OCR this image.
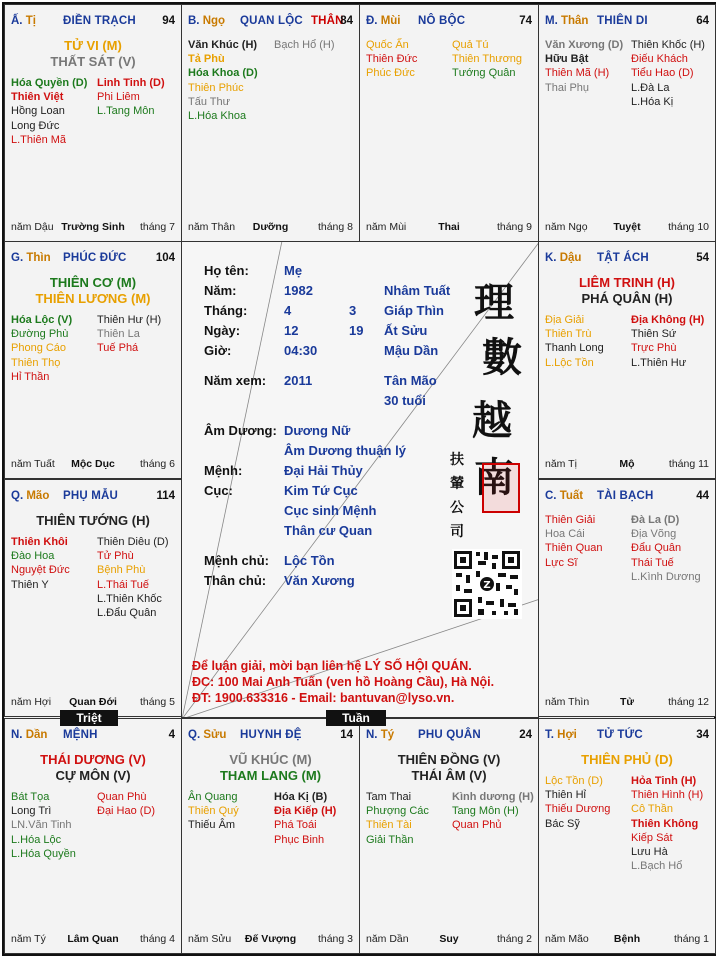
Họ tên:	Mẹ
Năm:	1982	Nhâm Tuất
Tháng:	4	3 Giáp Thìn
Ngày:	12	19 Ất Sửu
Giờ:	04:30	Mậu Dần
Năm xem: 2011	Tân Mão
30 tuổi
Âm Dương: Dương Nữ
Âm Dương thuận lý
Mệnh:	Đại Hải Thủy
Cục:	Kim Tứ Cục
Cục sinh Mệnh
Thân cư Quan
Mệnh chủ: Lộc Tồn
Thân chủ: Văn Xương
理
數
越
南
扶
輦
公
司
Z
Để luận giải, mời bạn liên hệ LÝ SỐ HỘI QUÁN.
ĐC: 100 Mai Anh Tuấn (ven hồ Hoàng Cầu), Hà Nội.
ĐT: 1900.633316 - Email: bantuvan@lyso.vn.
Ấ. Tị ĐIỀN TRẠCH	94
TỬ VI (M)
THẤT SÁT (V)
Hóa Quyền (D)
Thiên Việt
Hồng Loan
Long Đức
L.Thiên Mã
Linh Tinh (D)
Phi Liêm
L.Tang Môn
năm Dậu Trường Sinh	tháng 7
B. Ngọ QUAN LỘC THÂN
84
Văn Khúc (H)
Tả Phù
Hóa Khoa (D)
Thiên Phúc
Tấu Thư
L.Hóa Khoa
Bạch Hổ (H)
năm Thân	Dưỡng	tháng 8
Đ. Mùi NÔ BỘC	74
Quốc Ấn
Thiên Đức
Phúc Đức
Quả Tú
Thiên Thương
Tướng Quân
năm Mùi	Thai	tháng 9
M. Thân THIÊN DI	64
Văn Xương (D)
Hữu Bật
Thiên Mã (H)
Thai Phụ
Thiên Khốc (H)
Điếu Khách
Tiểu Hao (D)
L.Đà La
L.Hóa Kị
năm Ngọ	Tuyệt	tháng 10
G. Thìn PHÚC ĐỨC	104
THIÊN CƠ (M)
THIÊN LƯƠNG (M)
Hóa Lộc (V)
Đường Phù
Phong Cáo
Thiên Thọ
Hỉ Thần
Thiên Hư (H)
Thiên La
Tuế Phá
năm Tuất	Mộc Dục	tháng 6
K. Dậu TẬT ÁCH	54
LIÊM TRINH (H)
PHÁ QUÂN (H)
Địa Giải
Thiên Trù
Thanh Long
L.Lộc Tồn
Địa Không (H)
Thiên Sứ
Trực Phù
L.Thiên Hư
năm Tị	Mộ	tháng 11
Q. Mão PHỤ MẪU	114
THIÊN TƯỚNG (H)
Thiên Khôi
Đào Hoa
Nguyệt Đức
Thiên Y
Thiên Diêu (D)
Tử Phù
Bệnh Phù
L.Thái Tuế
L.Thiên Khốc
L.Đẩu Quân
năm Hợi	Quan Đới	tháng 5
C. Tuất TÀI BẠCH	44
Thiên Giải
Hoa Cái
Thiên Quan
Lực Sĩ
Đà La (D)
Địa Võng
Đẩu Quân
Thái Tuế
L.Kình Dương
năm Thìn	Tử	tháng 12
N. Dần MỆNH	4
THÁI DƯƠNG (V)
CỰ MÔN (V)
Bát Tọa
Long Trì
LN.Văn Tinh
L.Hóa Lộc
L.Hóa Quyền
Quan Phù
Đại Hao (D)
năm Tý	Lâm Quan	tháng 4
Q. Sửu HUYNH ĐỆ	14
VŨ KHÚC (M)
THAM LANG (M)
Ân Quang
Thiên Quý
Thiếu Âm
Hóa Kị (B)
Địa Kiếp (H)
Phá Toái
Phục Binh
năm Sửu	Đế Vượng	tháng 3
N. Tý PHU QUÂN	24
THIÊN ĐỒNG (V)
THÁI ÂM (V)
Tam Thai
Phượng Các
Thiên Tài
Giải Thần
Kình dương (H)
Tang Môn (H)
Quan Phủ
năm Dần	Suy	tháng 2
T. Hợi TỬ TỨC	34
THIÊN PHỦ (D)
Lộc Tồn (D)
Thiên Hỉ
Thiếu Dương
Bác Sỹ
Hỏa Tinh (H)
Thiên Hình (H)
Cô Thần
Thiên Không
Kiếp Sát
Lưu Hà
L.Bạch Hổ
năm Mão	Bệnh	tháng 1
Triệt	Tuần
